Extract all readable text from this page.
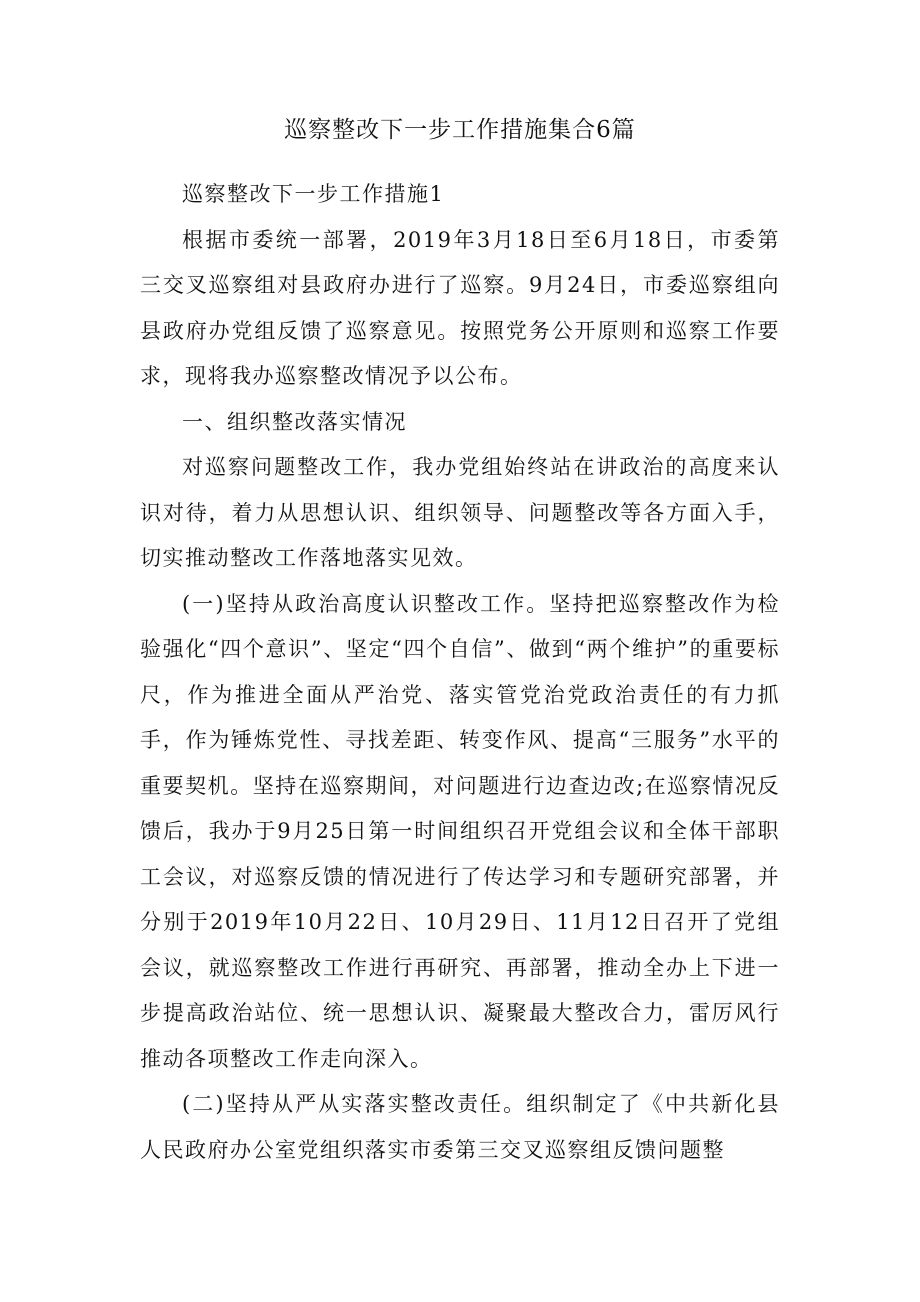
巡察整改下一步工作措施集合6篇

巡察整改下一步工作措施1

根据市委统一部署，2019年3月18日至6月18日，市委第三交叉巡察组对县政府办进行了巡察。9月24日，市委巡察组向县政府办党组反馈了巡察意见。按照党务公开原则和巡察工作要求，现将我办巡察整改情况予以公布。

一、组织整改落实情况

对巡察问题整改工作，我办党组始终站在讲政治的高度来认识对待，着力从思想认识、组织领导、问题整改等各方面入手，切实推动整改工作落地落实见效。

(一)坚持从政治高度认识整改工作。坚持把巡察整改作为检验强化“四个意识”、坚定“四个自信”、做到“两个维护”的重要标尺，作为推进全面从严治党、落实管党治党政治责任的有力抓手，作为锤炼党性、寻找差距、转变作风、提高“三服务”水平的重要契机。坚持在巡察期间，对问题进行边查边改;在巡察情况反馈后，我办于9月25日第一时间组织召开党组会议和全体干部职工会议，对巡察反馈的情况进行了传达学习和专题研究部署，并分别于2019年10月22日、10月29日、11月12日召开了党组会议，就巡察整改工作进行再研究、再部署，推动全办上下进一步提高政治站位、统一思想认识、凝聚最大整改合力，雷厉风行推动各项整改工作走向深入。

(二)坚持从严从实落实整改责任。组织制定了《中共新化县人民政府办公室党组织落实市委第三交叉巡察组反馈问题整
